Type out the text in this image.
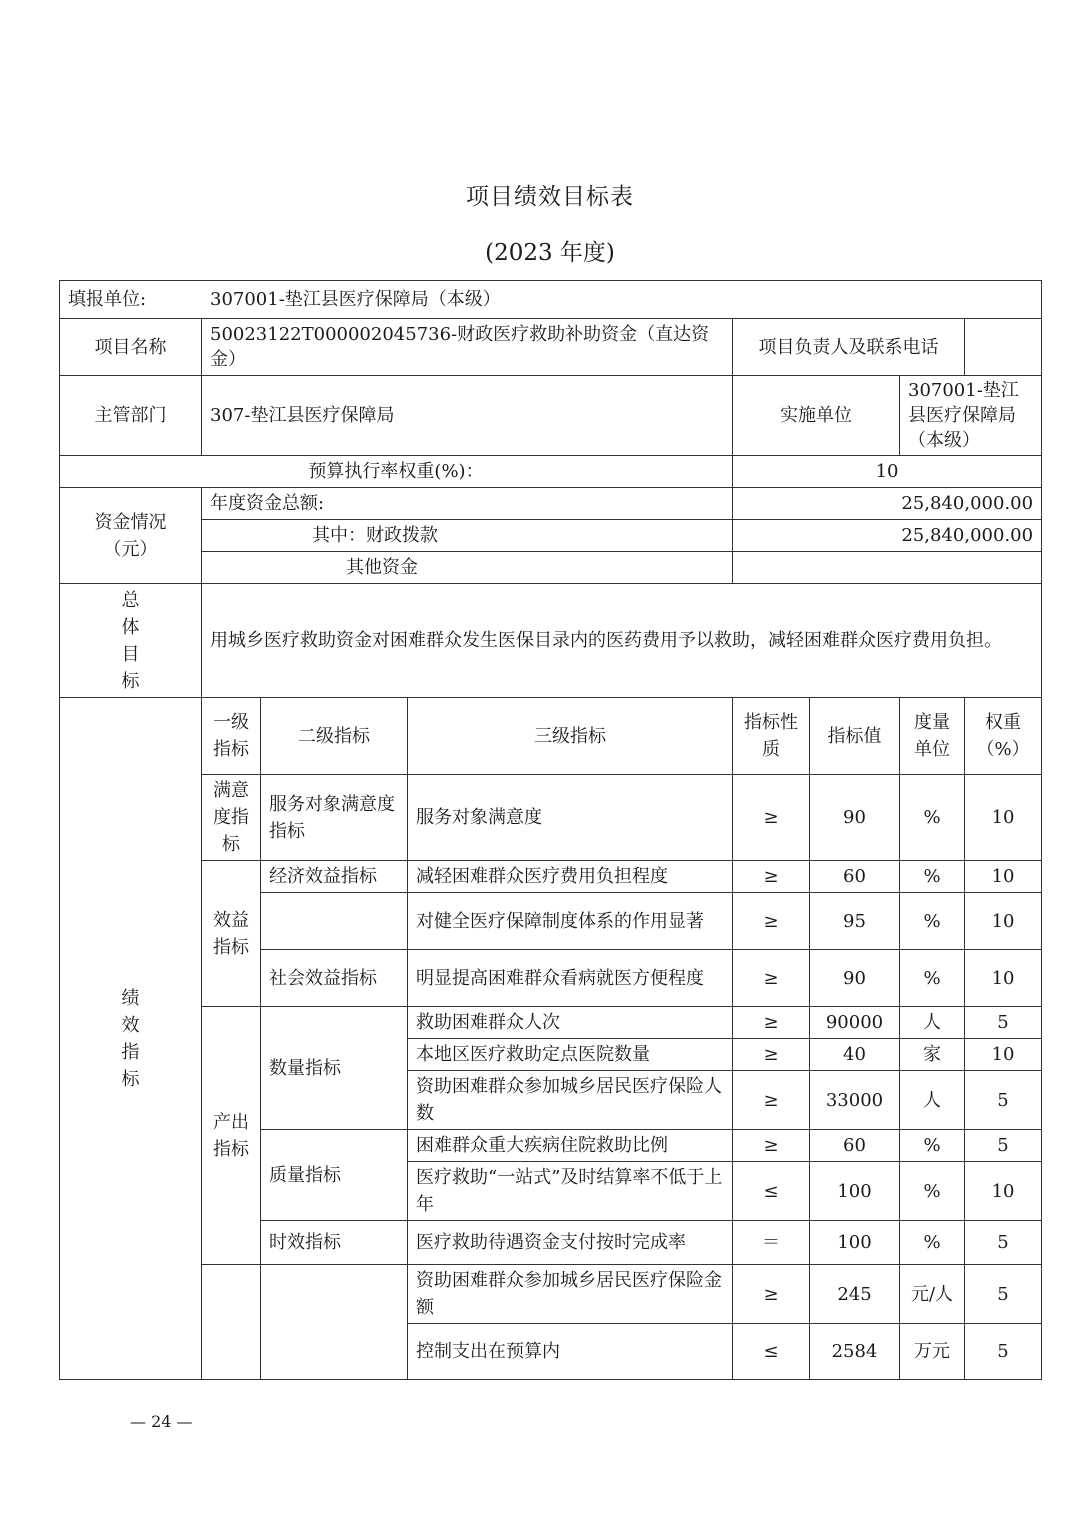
项目绩效目标表
(2023 年度)
填报单位: 307001-垫江县医疗保障局（本级）							
项目名称	50023122T000002045736-财政医疗救助补助资金（直达资金）			项目负责人及联系电话			
主管部门	307-垫江县医疗保障局			实施单位		307001-垫江县医疗保障局（本级）	
预算执行率权重(%)：				10			

资金情况
（元）	年度资金总额:			25,840,000.00			
	其中：财政拨款			25,840,000.00			
	其他资金						

总
体
目
标	用城乡医疗救助资金对困难群众发生医保目录内的医药费用予以救助，减轻困难群众医疗费用负担。						

绩
效
指
标	一级指标	二级指标	三级指标	指标性质	指标值	度量单位	权重（%）
	满意度指标	服务对象满意度指标	服务对象满意度	≥	90	%	10
	效益指标	经济效益指标	减轻困难群众医疗费用负担程度	≥	60	%	10
			对健全医疗保障制度体系的作用显著	≥	95	%	10
		社会效益指标	明显提高困难群众看病就医方便程度	≥	90	%	10
	产出指标	数量指标	救助困难群众人次	≥	90000	人	5
			本地区医疗救助定点医院数量	≥	40	家	10
			资助困难群众参加城乡居民医疗保险人数	≥	33000	人	5
		质量指标	困难群众重大疾病住院救助比例	≥	60	%	5
			医疗救助“一站式”及时结算率不低于上年	≤	100	%	10
		时效指标	医疗救助待遇资金支付按时完成率	＝	100	%	5
			资助困难群众参加城乡居民医疗保险金额	≥	245	元/人	5
			控制支出在预算内	≤	2584	万元	5
— 24 —
